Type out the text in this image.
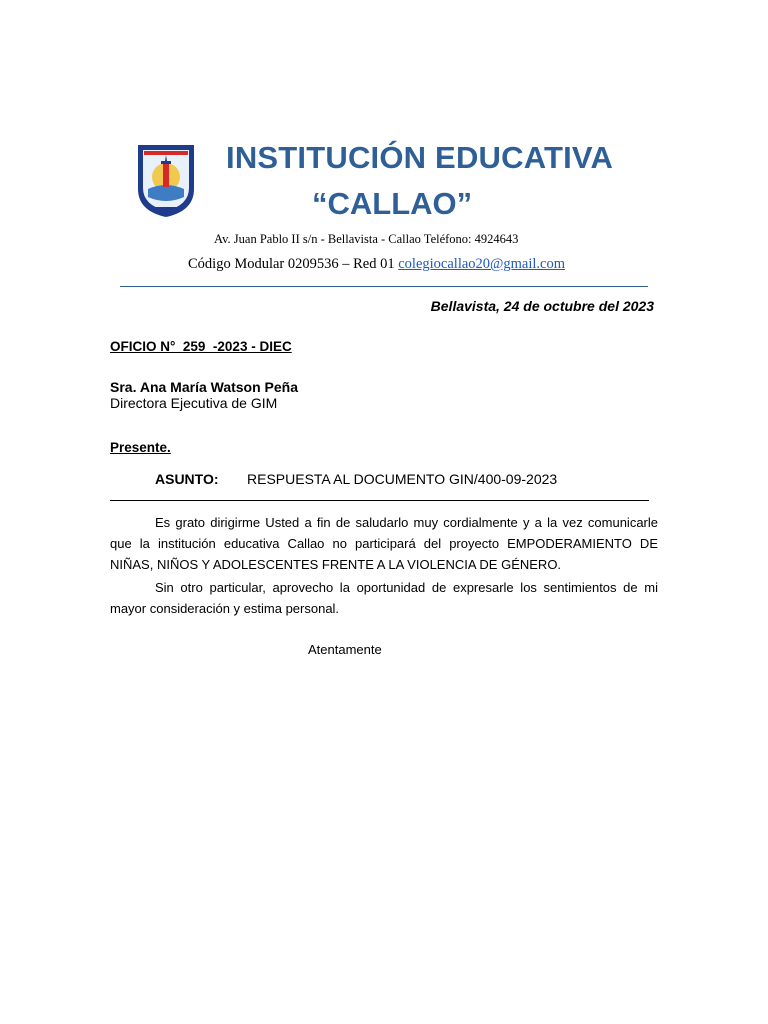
INSTITUCIÓN EDUCATIVA
“CALLAO”
Av. Juan Pablo II s/n - Bellavista - Callao Teléfono: 4924643
Código Modular 0209536 – Red 01 colegiocallao20@gmail.com
Bellavista, 24 de octubre del 2023
OFICIO N°  259  -2023 - DIEC
Sra. Ana María Watson Peña
Directora Ejecutiva de GIM
Presente.
ASUNTO: RESPUESTA AL DOCUMENTO GIN/400-09-2023

Es grato dirigirme Usted a fin de saludarlo muy cordialmente y a la vez comunicarle que la institución educativa Callao no participará del proyecto EMPODERAMIENTO DE NIÑAS, NIÑOS Y ADOLESCENTES FRENTE A LA VIOLENCIA DE GÉNERO.

Sin otro particular, aprovecho la oportunidad de expresarle los sentimientos de mi mayor consideración y estima personal.

Atentamente
